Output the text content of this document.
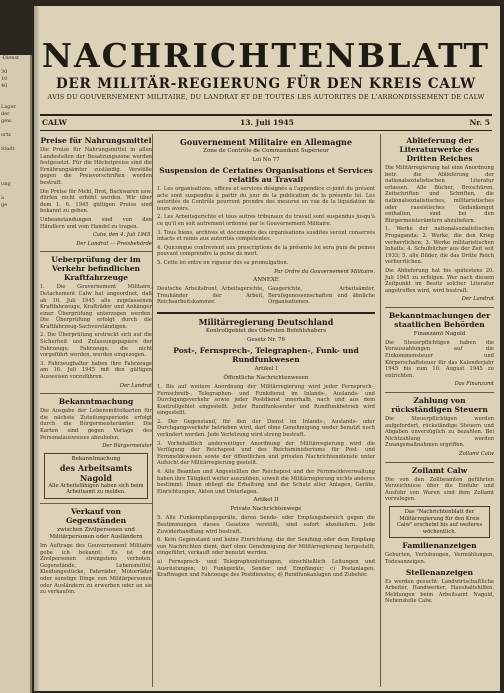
-Dienst

30
10
40

Lager
der
gew.

ortz

Stadt

ung

a
ge

NACHRICHTENBLATT
DER MILITÄR-REGIERUNG FÜR DEN KREIS CALW
AVIS DU GOUVERNEMENT MILITAIRE, DU LANDRAT ET DE TOUTES LES AUTORITES DE L'ARRONDISSEMENT DE CALW
CALW	13. Juli 1945	Nr. 5
Preise für Nahrungsmittel
Die Preise für Nahrungsmittel in allen Landesteilen der Besatzungszone werden festgesetzt. Für die Höchstpreise sind die Ernährungsämter zuständig. Verstöße gegen die Preisvorschriften werden bestraft.
Die Preise für Mehl, Brot, Backwaren usw. dürfen nicht erhöht werden. Wir über dem 1. 6. 1945 gültigen Preise sind bekannt zu geben.
Unbeanstandungen sind von den Händlern und vom Handel zu tragen.
Calw, den 4. Juli 1945.
Der Landrat — Preisbehörde
Ueberprüfung der im Verkehr befindlichen Kraftfahrzeuge
1. Die Gouvernement Militaire, Detachement Calw hat angeordnet, daß ab 16. Juli 1945 alle zugelassenen Kraftfahrzeuge, Krafträder und Anhänger einer Überprüfung unterzogen werden. Die Überprüfung erfolgt durch die Kraftfahrzeug-Sachverständigen.
2. Die Überprüfung erstreckt sich auf die Sicherheit und Zulassungspapiere der Fahrzeuge. Fahrzeuge, die nicht vorgeführt werden, werden eingezogen.
3. Fahrzeughalter haben ihre Fahrzeuge am 16. Juli 1945 mit den gültigen Ausweisen vorzuführen.
Der Landrat
Bekanntmachung
Die Ausgabe der Lebensmittelkarten für die nächste Zuteilungsperiode erfolgt durch die Bürgermeisterämter. Die Karten sind gegen Vorlage des Personalausweises abzuholen.
Der Bürgermeister
Bekanntmachung
des Arbeitsamts Nagold
Alle Arbeitsfähigen haben sich beim Arbeitsamt zu melden.
Verkauf von Gegenständen
zwischen Zivilpersonen und Militärpersonen oder Ausländern
Im Auftrage des Gouvernement Militaire gebe ich bekannt: Es ist den Zivilpersonen strengstens verboten, Gegenstände, Lebensmittel, Kleidungsstücke, Fahrräder, Motorräder oder sonstige Dinge von Militärpersonen oder Ausländern zu erwerben oder an sie zu verkaufen.
Gouvernement Militaire en Allemagne
Zone de Contrôle de Commandant Supérieur
Loi No 77
Suspension de Certaines Organisations et Services relatifs au Travail
1. Les organisations, offices et services désignés à l'appendice ci-joint du présent acte sont suspendus à partir du jour de la publication de la présente loi. Les autorités de Contrôle pourront prendre des mesures en vue de la liquidation de leurs avoirs.
2. Les Arbeitsgerichte et tous autres tribunaux du travail sont suspendus jusqu'à ce qu'il en soit autrement ordonné par le Gouvernement Militaire.
3. Tous biens, archives et documents des organisations susdites seront conservés intacts et remis aux autorités compétentes.
4. Quiconque contrevient aux prescriptions de la présente loi sera puni de peines pouvant comprendre la peine de mort.
5. Cette loi entre en vigueur dès sa promulgation.
Par Ordre du Gouvernement Militaire.
ANNEXE
Deutsche Arbeitsfront, Arbeitsgerichte, Treuhänder der Arbeit, Reichsarbeitskammer.
Gaugerichte, Arbeitsämter, Berufsgenossenschaften und ähnliche Organisationen.
Militärregierung Deutschland
Kontrollgebiet des Obersten Befehlshabers
Gesetz Nr. 76
Post-, Fernsprech-, Telegraphen-, Funk- und Rundfunkwesen
Artikel I
Öffentliche Nachrichtenwesen
1. Bis auf weitere Anordnung der Militärregierung wird jeder Fernsprech-, Fernschreib-, Telegraphen- und Funkdienst im Inlands-, Auslands- und Durchgangsverkehr sowie jeder Postdienst innerhalb, nach und aus dem Kontrollgebiet eingestellt. Jeder Rundfunksender und Rundfunkbetrieb wird eingestellt.
2. Der Gegenstand, für den der Dienst im Inlands-, Auslands- oder Durchgangsverkehr betrieben wird, darf ohne Genehmigung weder benutzt noch verändert werden. Jede Verletzung wird streng bestraft.
3. Vorbehaltlich anderweitiger Anordnung der Militärregierung wird die Verfügung der Reichspost und des Reichsministeriums für Post- und Fernmeldewesen sowie der öffentlichen und privaten Nachrichtendienste unter Aufsicht der Militärregierung gestellt.
4. Alle Beamten und Angestellten der Reichspost und der Fernmeldeverwaltung haben ihre Tätigkeit weiter auszuüben, soweit die Militärregierung nichts anderes bestimmt. Ihnen obliegt die Erhaltung und der Schutz aller Anlagen, Geräte, Einrichtungen, Akten und Unterlagen.
Artikel II
Private Nachrichtenwege
5. Alle Funkempfangsgeräte, deren Sende- oder Empfangsbereich gegen die Bestimmungen dieses Gesetzes verstößt, sind sofort abzuliefern. Jede Zuwiderhandlung wird bestraft.
6. Kein Gegenstand und keine Einrichtung, die der Sendung oder dem Empfang von Nachrichten dient, darf ohne Genehmigung der Militärregierung hergestellt, eingeführt, verkauft oder benutzt werden.
a) Fernsprech- und Telegraphenleitungen, einschließlich Leitungen und Ausrüstungen; b) Funkgeräte, Sender und Empfänger; c) Postanlagen, Kraftwagen und Fahrzeuge des Postdienstes; d) Rundfunkanlagen und Zubehör.
Ablieferung der Literaturwerke des Dritten Reiches
Die Militärregierung hat eine Anordnung betr. die Ablieferung der nationalsozialistischen Literatur erlassen. Alle Bücher, Broschüren, Zeitschriften und Schriften, die nationalsozialistisches, militaristisches oder rassistisches Gedankengut enthalten, sind bei den Bürgermeisterämtern abzuliefern.
1. Werke der nationalsozialistischen Propaganda; 2. Werke, die den Krieg verherrlichen; 3. Werke militaristischen Inhalts; 4. Schulbücher aus der Zeit seit 1933; 5. alle Bilder, die das Dritte Reich verherrlichen.
Die Ablieferung hat bis spätestens 20. Juli 1945 zu erfolgen. Wer nach diesem Zeitpunkt im Besitz solcher Literatur angetroffen wird, wird bestraft.
Der Landrat
Bekanntmachungen der staatlichen Behörden
Finanzamt Nagold
Die Steuerpflichtigen haben die Vorauszahlungen auf die Einkommensteuer und Körperschaftsteuer für das Kalenderjahr 1945 bis zum 10. August 1945 zu entrichten.
Das Finanzamt
Zahlung von rückständigen Steuern
Die Steuerpflichtigen werden aufgefordert, rückständige Steuern und Abgaben unverzüglich zu bezahlen. Bei Nichtzahlung werden Zwangsmaßnahmen ergriffen.
Zollamt Calw
Zollamt Calw
Die von den Zollbeamten geführten Verzeichnisse über die Einfuhr und Ausfuhr von Waren sind dem Zollamt vorzulegen.
Das "Nachrichtenblatt der Militärregierung für den Kreis Calw" erscheint bis auf weiteres wöchentlich.
Familienanzeigen
Geburten, Verlobungen, Vermählungen, Todesanzeigen.
Stellenanzeigen
Es werden gesucht: Landwirtschaftliche Arbeiter, Handwerker, Haushaltshilfen. Meldungen beim Arbeitsamt Nagold, Nebenstelle Calw.
